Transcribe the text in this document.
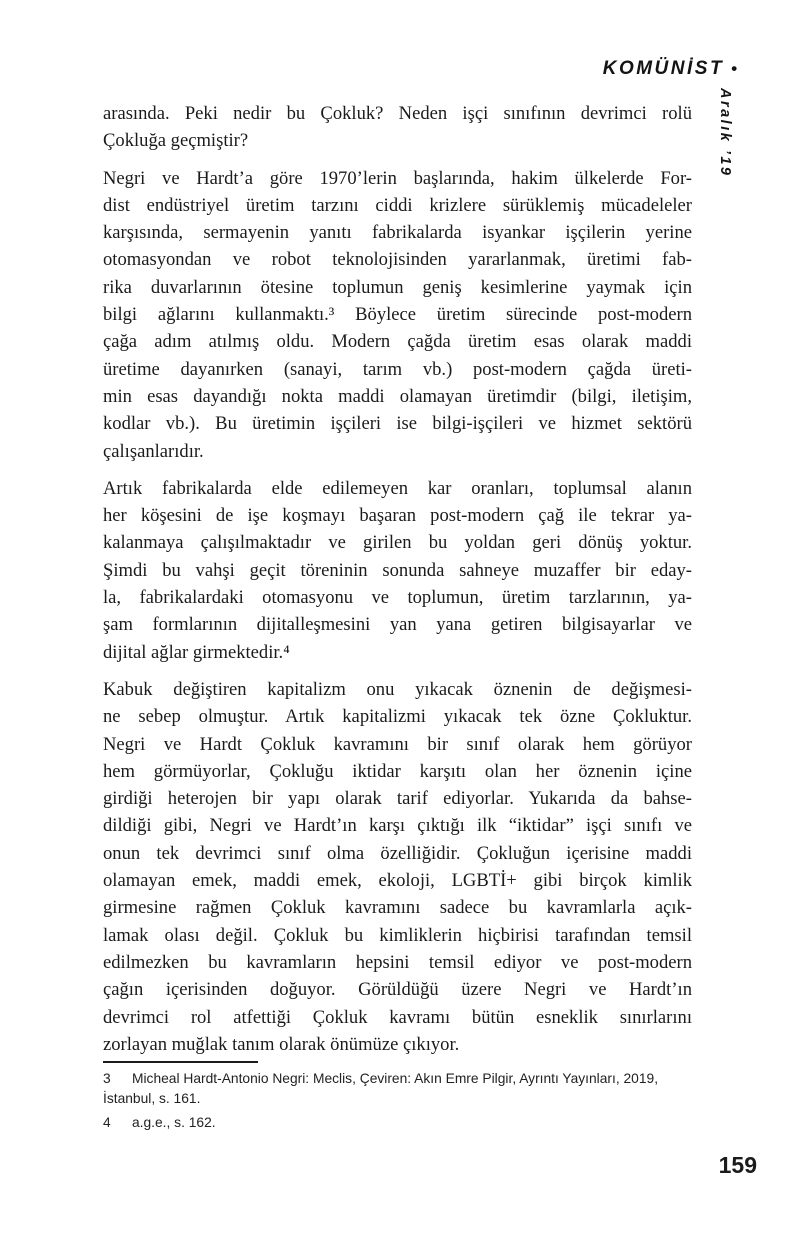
KOMÜNİST •
Aralık ’19
arasında. Peki nedir bu Çokluk? Neden işçi sınıfının devrimci rolü
Çokluğa geçmiştir?
Negri ve Hardt’a göre 1970’lerin başlarında, hakim ülkelerde For-
dist endüstriyel üretim tarzını ciddi krizlere sürüklemiş mücadeleler
karşısında, sermayenin yanıtı fabrikalarda isyankar işçilerin yerine
otomasyondan ve robot teknolojisinden yararlanmak, üretimi fab-
rika duvarlarının ötesine toplumun geniş kesimlerine yaymak için
bilgi ağlarını kullanmaktı.³ Böylece üretim sürecinde post-modern
çağa adım atılmış oldu. Modern çağda üretim esas olarak maddi
üretime dayanırken (sanayi, tarım vb.) post-modern çağda üreti-
min esas dayandığı nokta maddi olamayan üretimdir (bilgi, iletişim,
kodlar vb.). Bu üretimin işçileri ise bilgi-işçileri ve hizmet sektörü
çalışanlarıdır.
Artık fabrikalarda elde edilemeyen kar oranları, toplumsal alanın
her köşesini de işe koşmayı başaran post-modern çağ ile tekrar ya-
kalanmaya çalışılmaktadır ve girilen bu yoldan geri dönüş yoktur.
Şimdi bu vahşi geçit töreninin sonunda sahneye muzaffer bir eday-
la, fabrikalardaki otomasyonu ve toplumun, üretim tarzlarının, ya-
şam formlarının dijitalleşmesini yan yana getiren bilgisayarlar ve
dijital ağlar girmektedir.⁴
Kabuk değiştiren kapitalizm onu yıkacak öznenin de değişmesi-
ne sebep olmuştur. Artık kapitalizmi yıkacak tek özne Çokluktur.
Negri ve Hardt Çokluk kavramını bir sınıf olarak hem görüyor
hem görmüyorlar, Çokluğu iktidar karşıtı olan her öznenin içine
girdiği heterojen bir yapı olarak tarif ediyorlar. Yukarıda da bahse-
dildiği gibi, Negri ve Hardt’ın karşı çıktığı ilk “iktidar” işçi sınıfı ve
onun tek devrimci sınıf olma özelliğidir. Çokluğun içerisine maddi
olamayan emek, maddi emek, ekoloji, LGBTİ+ gibi birçok kimlik
girmesine rağmen Çokluk kavramını sadece bu kavramlarla açık-
lamak olası değil. Çokluk bu kimliklerin hiçbirisi tarafından temsil
edilmezken bu kavramların hepsini temsil ediyor ve post-modern
çağın içerisinden doğuyor. Görüldüğü üzere Negri ve Hardt’ın
devrimci rol atfettiği Çokluk kavramı bütün esneklik sınırlarını
zorlayan muğlak tanım olarak önümüze çıkıyor.
3 Micheal Hardt-Antonio Negri: Meclis, Çeviren: Akın Emre Pilgir, Ayrıntı Yayınları, 2019, İstanbul, s. 161.
4 a.g.e., s. 162.
159
